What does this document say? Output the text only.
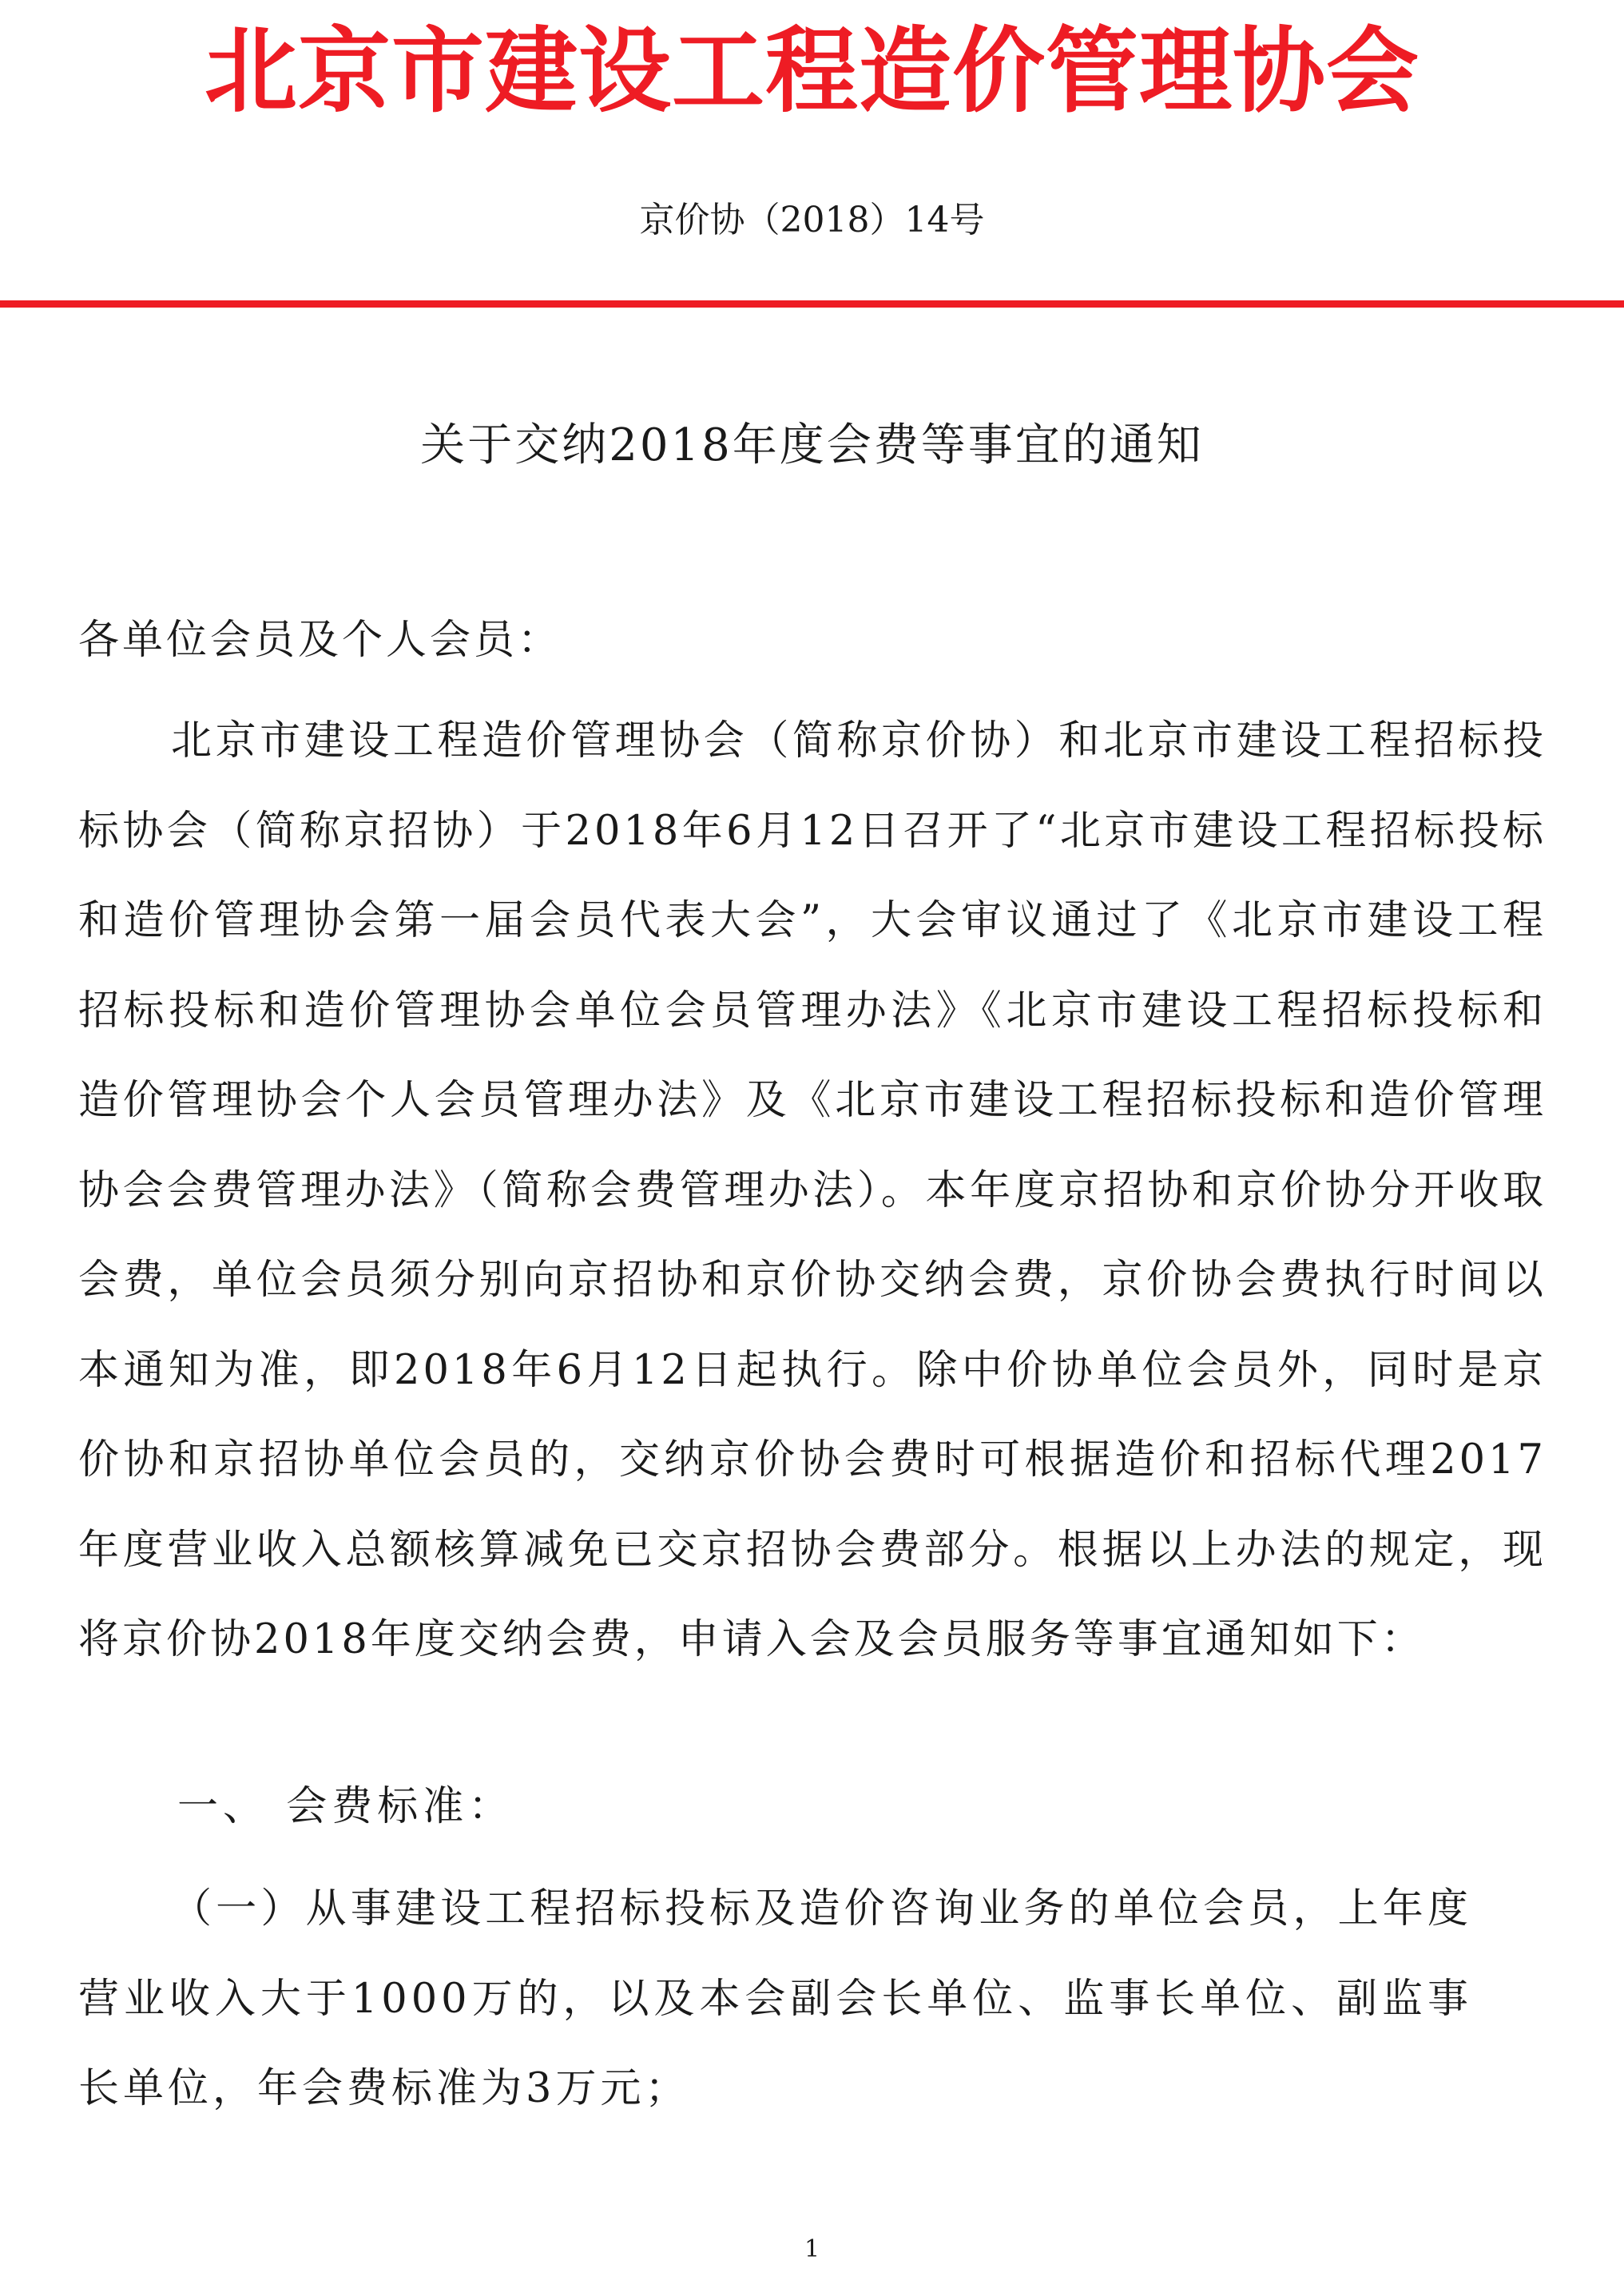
北京市建设工程造价管理协会
京价协（2018）14号
关于交纳2018年度会费等事宜的通知
各单位会员及个人会员：

北京市建设工程造价管理协会（简称京价协）和北京市建设工程招标投标协会（简称京招协）于2018年6月12日召开了“北京市建设工程招标投标和造价管理协会第一届会员代表大会”，大会审议通过了《北京市建设工程招标投标和造价管理协会单位会员管理办法》《北京市建设工程招标投标和造价管理协会个人会员管理办法》及《北京市建设工程招标投标和造价管理协会会费管理办法》（简称会费管理办法）。本年度京招协和京价协分开收取会费，单位会员须分别向京招协和京价协交纳会费，京价协会费执行时间以本通知为准，即2018年6月12日起执行。除中价协单位会员外，同时是京价协和京招协单位会员的，交纳京价协会费时可根据造价和招标代理2017年度营业收入总额核算减免已交京招协会费部分。根据以上办法的规定，现将京价协2018年度交纳会费，申请入会及会员服务等事宜通知如下：

一、 会费标准：

（一）从事建设工程招标投标及造价咨询业务的单位会员，上年度营业收入大于1000万的，以及本会副会长单位、监事长单位、副监事长单位，年会费标准为3万元；

1
